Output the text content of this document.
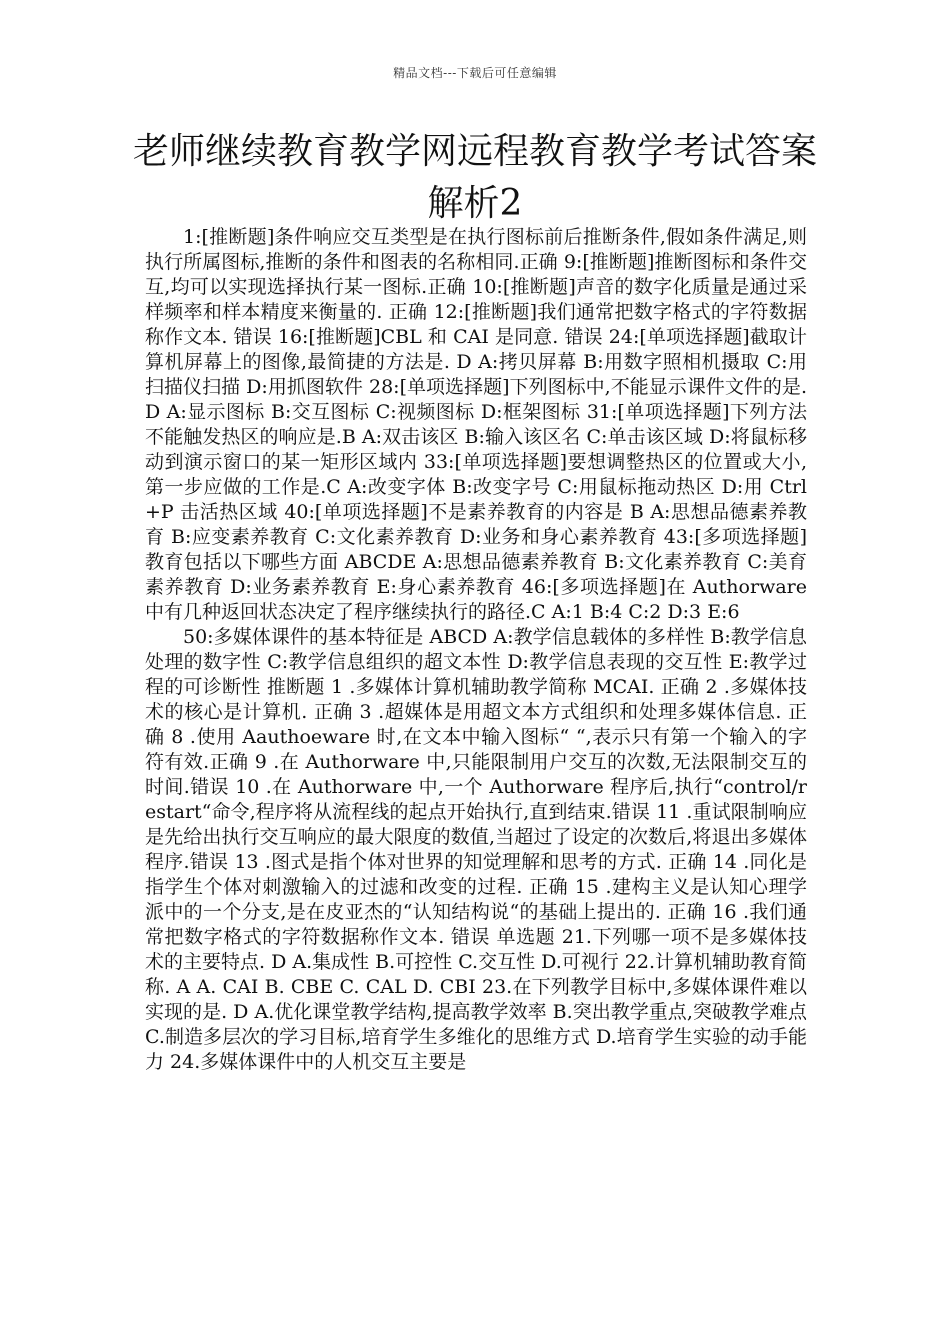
精品文档---下载后可任意编辑
老师继续教育教学网远程教育教学考试答案解析2

1:[推断题]条件响应交互类型是在执行图标前后推断条件,假如条件满足,则执行所属图标,推断的条件和图表的名称相同.正确 9:[推断题]推断图标和条件交互,均可以实现选择执行某一图标.正确 10:[推断题]声音的数字化质量是通过采样频率和样本精度来衡量的. 正确 12:[推断题]我们通常把数字格式的字符数据称作文本. 错误 16:[推断题]CBL 和 CAI 是同意. 错误 24:[单项选择题]截取计算机屏幕上的图像,最简捷的方法是. D A:拷贝屏幕 B:用数字照相机摄取 C:用扫描仪扫描 D:用抓图软件 28:[单项选择题]下列图标中,不能显示课件文件的是.D A:显示图标 B:交互图标 C:视频图标 D:框架图标 31:[单项选择题]下列方法不能触发热区的响应是.B A:双击该区 B:输入该区名 C:单击该区域 D:将鼠标移动到演示窗口的某一矩形区域内 33:[单项选择题]要想调整热区的位置或大小,第一步应做的工作是.C A:改变字体 B:改变字号 C:用鼠标拖动热区 D:用 Ctrl+P 击活热区域 40:[单项选择题]不是素养教育的内容是 B A:思想品德素养教育 B:应变素养教育 C:文化素养教育 D:业务和身心素养教育 43:[多项选择题]教育包括以下哪些方面 ABCDE A:思想品德素养教育 B:文化素养教育 C:美育素养教育 D:业务素养教育 E:身心素养教育 46:[多项选择题]在 Authorware 中有几种返回状态决定了程序继续执行的路径.C A:1 B:4 C:2 D:3 E:6

50:多媒体课件的基本特征是 ABCD A:教学信息载体的多样性 B:教学信息处理的数字性 C:教学信息组织的超文本性 D:教学信息表现的交互性 E:教学过程的可诊断性 推断题 1 .多媒体计算机辅助教学简称 MCAI. 正确 2 .多媒体技术的核心是计算机. 正确 3 .超媒体是用超文本方式组织和处理多媒体信息. 正确 8 .使用 Aauthoeware 时,在文本中输入图标“ “,表示只有第一个输入的字符有效.正确 9 .在 Authorware 中,只能限制用户交互的次数,无法限制交互的时间.错误 10 .在 Authorware 中,一个 Authorware 程序后,执行“control/restart“命令,程序将从流程线的起点开始执行,直到结束.错误 11 .重试限制响应是先给出执行交互响应的最大限度的数值,当超过了设定的次数后,将退出多媒体程序.错误 13 .图式是指个体对世界的知觉理解和思考的方式. 正确 14 .同化是指学生个体对刺激输入的过滤和改变的过程. 正确 15 .建构主义是认知心理学派中的一个分支,是在皮亚杰的“认知结构说“的基础上提出的. 正确 16 .我们通常把数字格式的字符数据称作文本. 错误 单选题 21.下列哪一项不是多媒体技术的主要特点. D A.集成性 B.可控性 C.交互性 D.可视行 22.计算机辅助教育简称. A A. CAI B. CBE C. CAL D. CBI 23.在下列教学目标中,多媒体课件难以实现的是. D A.优化课堂教学结构,提高教学效率 B.突出教学重点,突破教学难点 C.制造多层次的学习目标,培育学生多维化的思维方式 D.培育学生实验的动手能力 24.多媒体课件中的人机交互主要是
